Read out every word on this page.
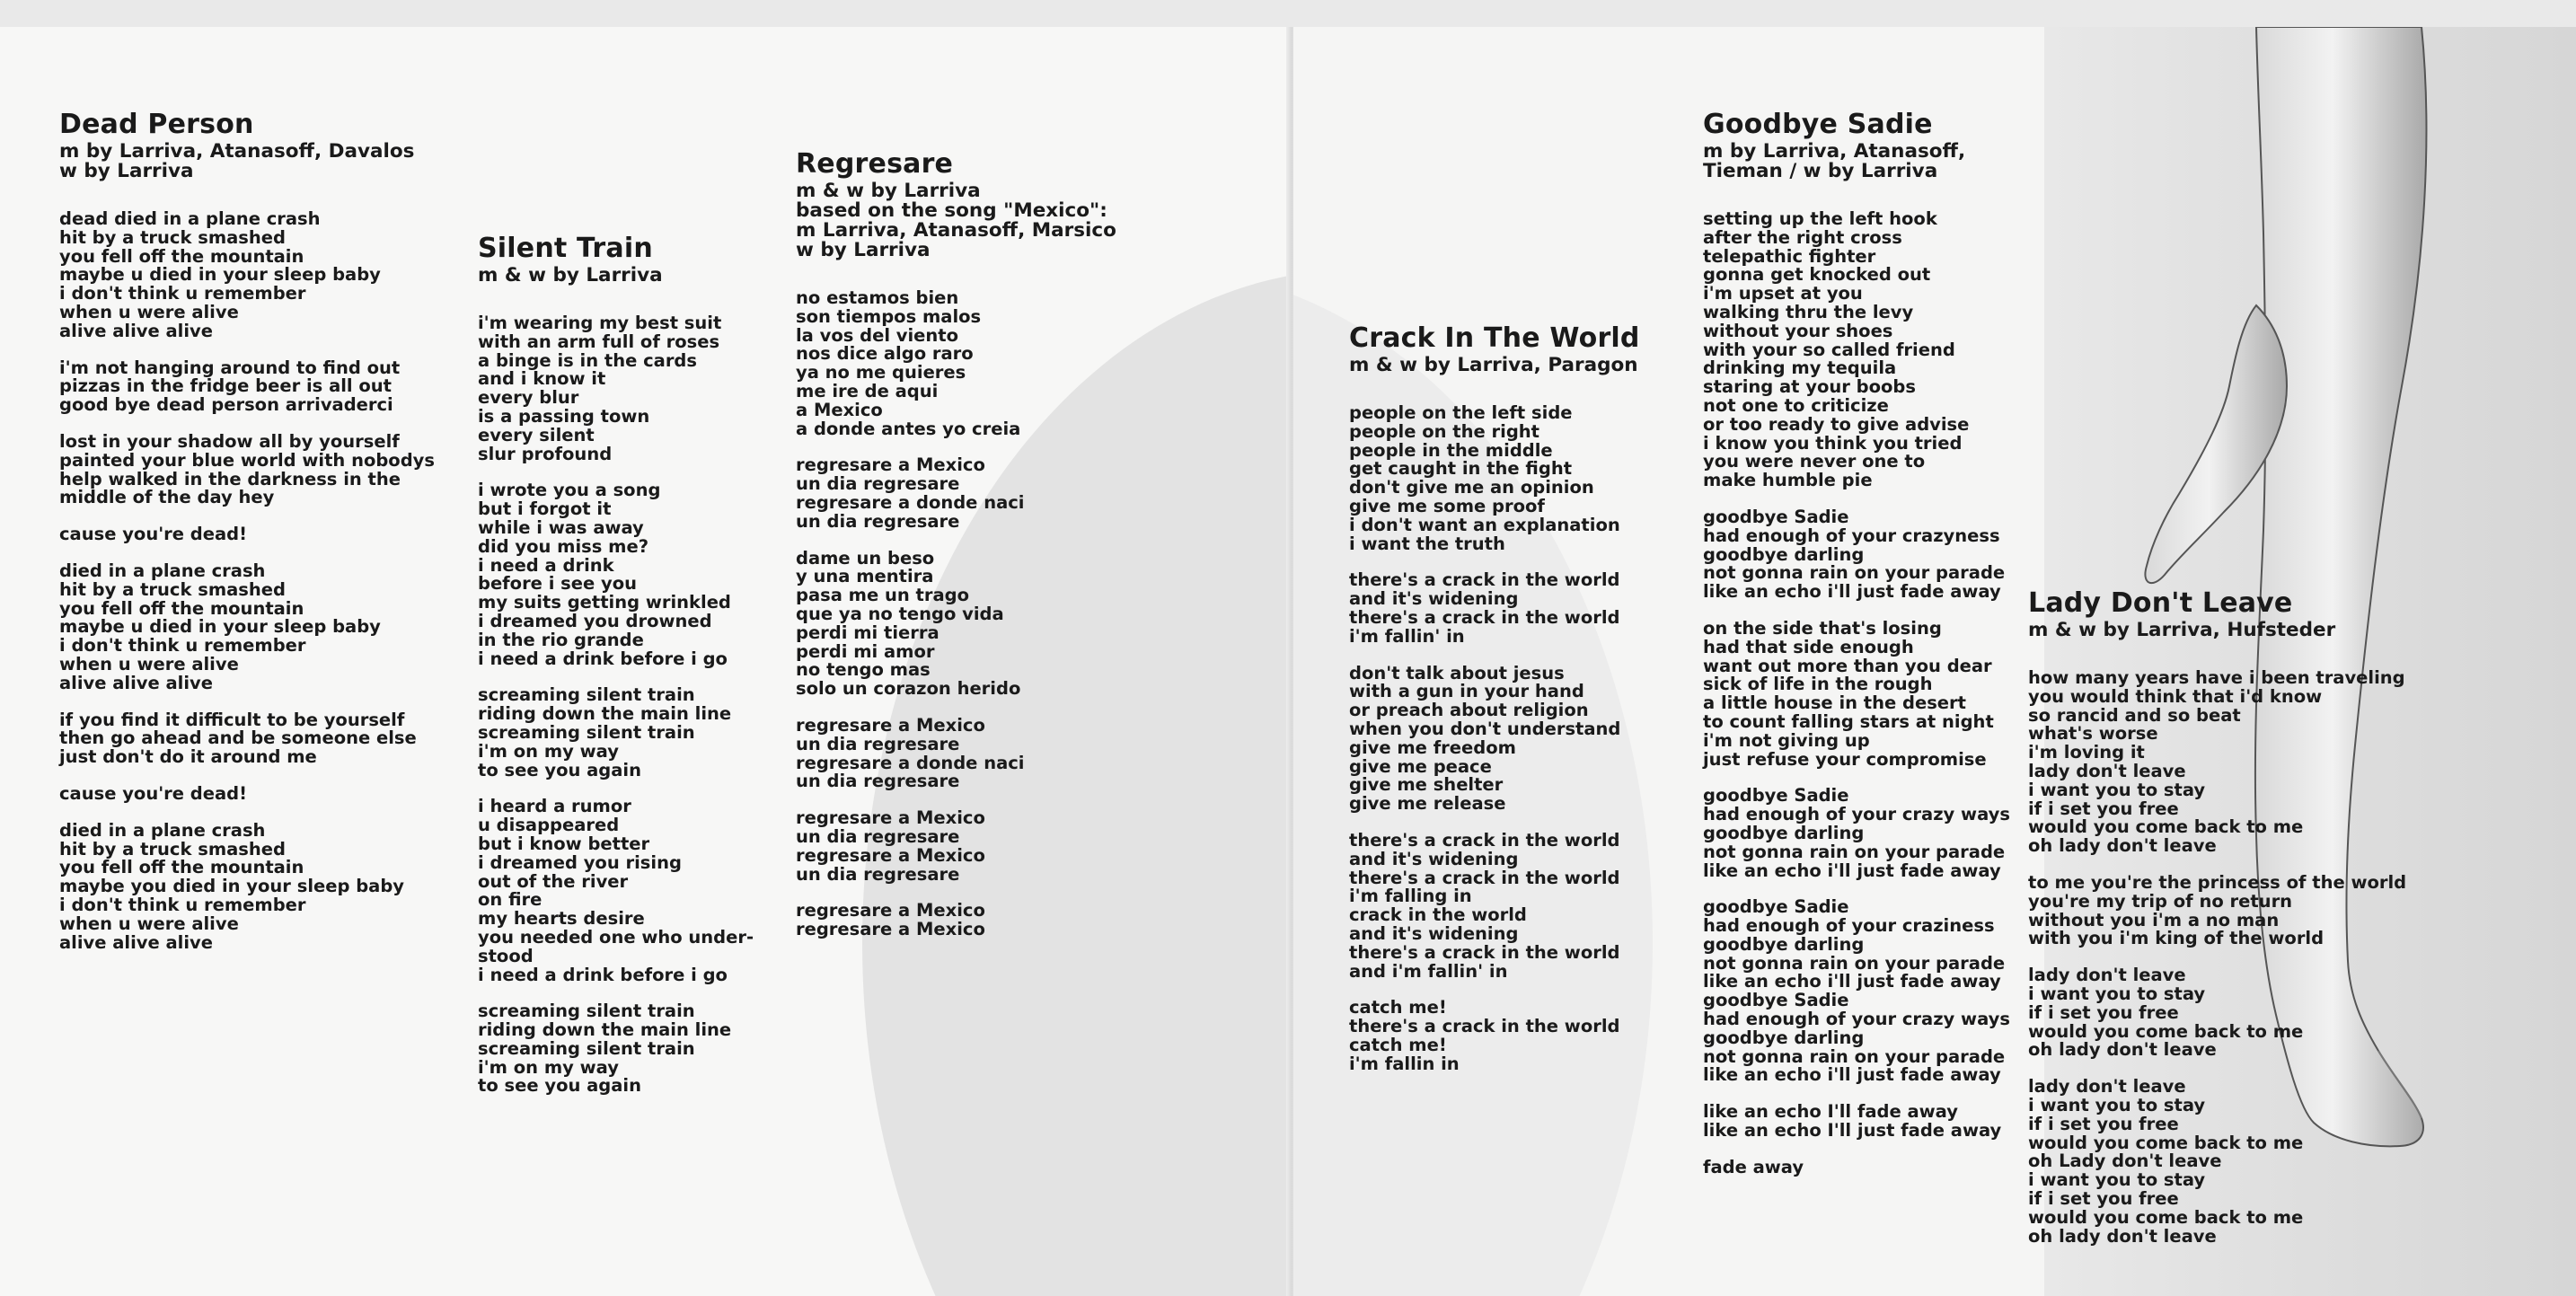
Dead Person
m by Larriva, Atanasoff, Davalos
w by Larriva
dead died in a plane crash
hit by a truck smashed
you fell off the mountain
maybe u died in your sleep baby
i don't think u remember
when u were alive
alive alive alive
i'm not hanging around to find out
pizzas in the fridge beer is all out
good bye dead person arrivaderci
lost in your shadow all by yourself
painted your blue world with nobodys
help walked in the darkness in the
middle of the day hey
cause you're dead!
died in a plane crash
hit by a truck smashed
you fell off the mountain
maybe u died in your sleep baby
i don't think u remember
when u were alive
alive alive alive
if you find it difficult to be yourself
then go ahead and be someone else
just don't do it around me
cause you're dead!
died in a plane crash
hit by a truck smashed
you fell off the mountain
maybe you died in your sleep baby
i don't think u remember
when u were alive
alive alive alive
Silent Train
m & w by Larriva
i'm wearing my best suit
with an arm full of roses
a binge is in the cards
and i know it
every blur
is a passing town
every silent
slur profound
i wrote you a song
but i forgot it
while i was away
did you miss me?
i need a drink
before i see you
my suits getting wrinkled
i dreamed you drowned
in the rio grande
i need a drink before i go
screaming silent train
riding down the main line
screaming silent train
i'm on my way
to see you again
i heard a rumor
u disappeared
but i know better
i dreamed you rising
out of the river
on fire
my hearts desire
you needed one who under-
stood
i need a drink before i go
screaming silent train
riding down the main line
screaming silent train
i'm on my way
to see you again
Regresare
m & w by Larriva
based on the song "Mexico":
m Larriva, Atanasoff, Marsico
w by Larriva
no estamos bien
son tiempos malos
la vos del viento
nos dice algo raro
ya no me quieres
me ire de aqui
a Mexico
a donde antes yo creia
regresare a Mexico
un dia regresare
regresare a donde naci
un dia regresare
dame un beso
y una mentira
pasa me un trago
que ya no tengo vida
perdi mi tierra
perdi mi amor
no tengo mas
solo un corazon herido
regresare a Mexico
un dia regresare
regresare a donde naci
un dia regresare
regresare a Mexico
un dia regresare
regresare a Mexico
un dia regresare
regresare a Mexico
regresare a Mexico
Crack In The World
m & w by Larriva, Paragon
people on the left side
people on the right
people in the middle
get caught in the fight
don't give me an opinion
give me some proof
i don't want an explanation
i want the truth
there's a crack in the world
and it's widening
there's a crack in the world
i'm fallin' in
don't talk about jesus
with a gun in your hand
or preach about religion
when you don't understand
give me freedom
give me peace
give me shelter
give me release
there's a crack in the world
and it's widening
there's a crack in the world
i'm falling in
crack in the world
and it's widening
there's a crack in the world
and i'm fallin' in
catch me!
there's a crack in the world
catch me!
i'm fallin in
Goodbye Sadie
m by Larriva, Atanasoff,
Tieman / w by Larriva
setting up the left hook
after the right cross
telepathic fighter
gonna get knocked out
i'm upset at you
walking thru the levy
without your shoes
with your so called friend
drinking my tequila
staring at your boobs
not one to criticize
or too ready to give advise
i know you think you tried
you were never one to
make humble pie
goodbye Sadie
had enough of your crazyness
goodbye darling
not gonna rain on your parade
like an echo i'll just fade away
on the side that's losing
had that side enough
want out more than you dear
sick of life in the rough
a little house in the desert
to count falling stars at night
i'm not giving up
just refuse your compromise
goodbye Sadie
had enough of your crazy ways
goodbye darling
not gonna rain on your parade
like an echo i'll just fade away
goodbye Sadie
had enough of your craziness
goodbye darling
not gonna rain on your parade
like an echo i'll just fade away
goodbye Sadie
had enough of your crazy ways
goodbye darling
not gonna rain on your parade
like an echo i'll just fade away
like an echo I'll fade away
like an echo I'll just fade away
fade away
Lady Don't Leave
m & w by Larriva, Hufsteder
how many years have i been traveling
you would think that i'd know
so rancid and so beat
what's worse
i'm loving it
lady don't leave
i want you to stay
if i set you free
would you come back to me
oh lady don't leave
to me you're the princess of the world
you're my trip of no return
without you i'm a no man
with you i'm king of the world
lady don't leave
i want you to stay
if i set you free
would you come back to me
oh lady don't leave
lady don't leave
i want you to stay
if i set you free
would you come back to me
oh Lady don't leave
i want you to stay
if i set you free
would you come back to me
oh lady don't leave
